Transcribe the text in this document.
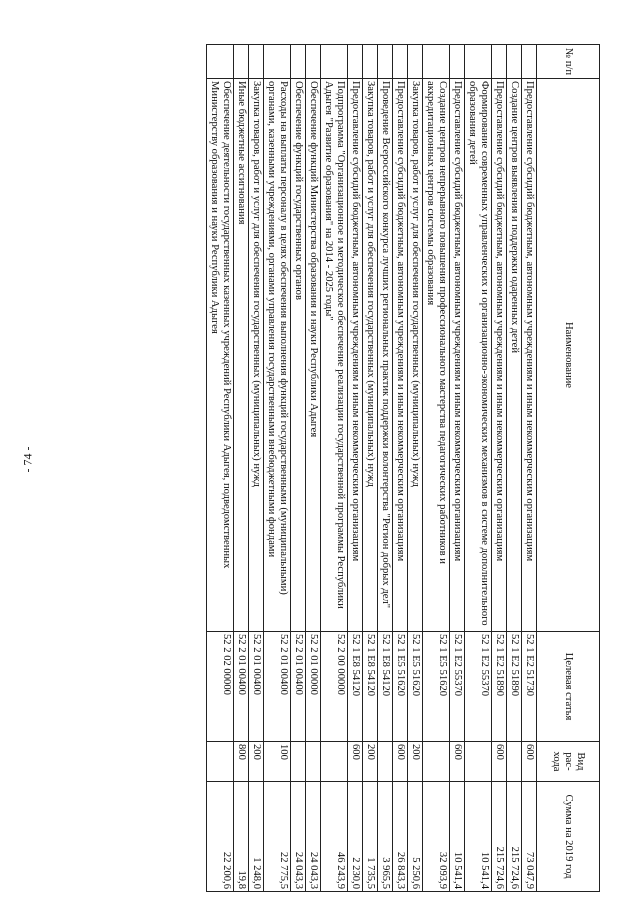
- 74 -
№ п/п	Наименование	Целевая статья	Вид рас-хода	Сумма на 2019 год
	Предоставление субсидий бюджетным, автономным учреждениям и иным некоммерческим организациям	52 1 Е2 51730	600	73 047,9
	Создание центров выявления и поддержки одаренных детей	52 1 Е2 51890		215 724,6
	Предоставление субсидий бюджетным, автономным учреждениям и иным некоммерческим организациям	52 1 Е2 51890	600	215 724,6
	Формирование современных управленческих и организационно-экономических механизмов в системе дополнительного образования детей	52 1 Е2 55370		10 541,4
	Предоставление субсидий бюджетным, автономным учреждениям и иным некоммерческим организациям	52 1 Е2 55370	600	10 541,4
	Создание центров непрерывного повышения профессионального мастерства педагогических работников и аккредитационных центров системы образования	52 1 Е5 51620		32 093,9
	Закупка товаров, работ и услуг для обеспечения государственных (муниципальных) нужд	52 1 Е5 51620	200	5 250,6
	Предоставление субсидий бюджетным, автономным учреждениям и иным некоммерческим организациям	52 1 Е5 51620	600	26 843,3
	Проведение Всероссийского конкурса лучших региональных практик поддержки волонтерства "Регион добрых дел"	52 1 Е8 54120		3 965,5
	Закупка товаров, работ и услуг для обеспечения государственных (муниципальных) нужд	52 1 Е8 54120	200	1 735,5
	Предоставление субсидий бюджетным, автономным учреждениям и иным некоммерческим организациям	52 1 Е8 54120	600	2 230,0
	Подпрограмма "Организационное и методическое обеспечение реализации государственной программы Республики Адыгея "Развитие образования" на 2014 - 2025 годы"	52 2 00 00000		46 243,9
	Обеспечение функций Министерства образования и науки Республики Адыгея	52 2 01 00000		24 043,3
	Обеспечение функций государственных органов	52 2 01 00400		24 043,3
	Расходы на выплаты персоналу в целях обеспечения выполнения функций государственными (муниципальными) органами, казенными учреждениями, органами управления государственными внебюджетными фондами	52 2 01 00400	100	22 775,5
	Закупка товаров, работ и услуг для обеспечения государственных (муниципальных) нужд	52 2 01 00400	200	1 248,0
	Иные бюджетные ассигнования	52 2 01 00400	800	19,8
	Обеспечение деятельности государственных казенных учреждений Республики Адыгея, подведомственных Министерству образования и науки Республики Адыгея	52 2 02 00000		22 200,6
